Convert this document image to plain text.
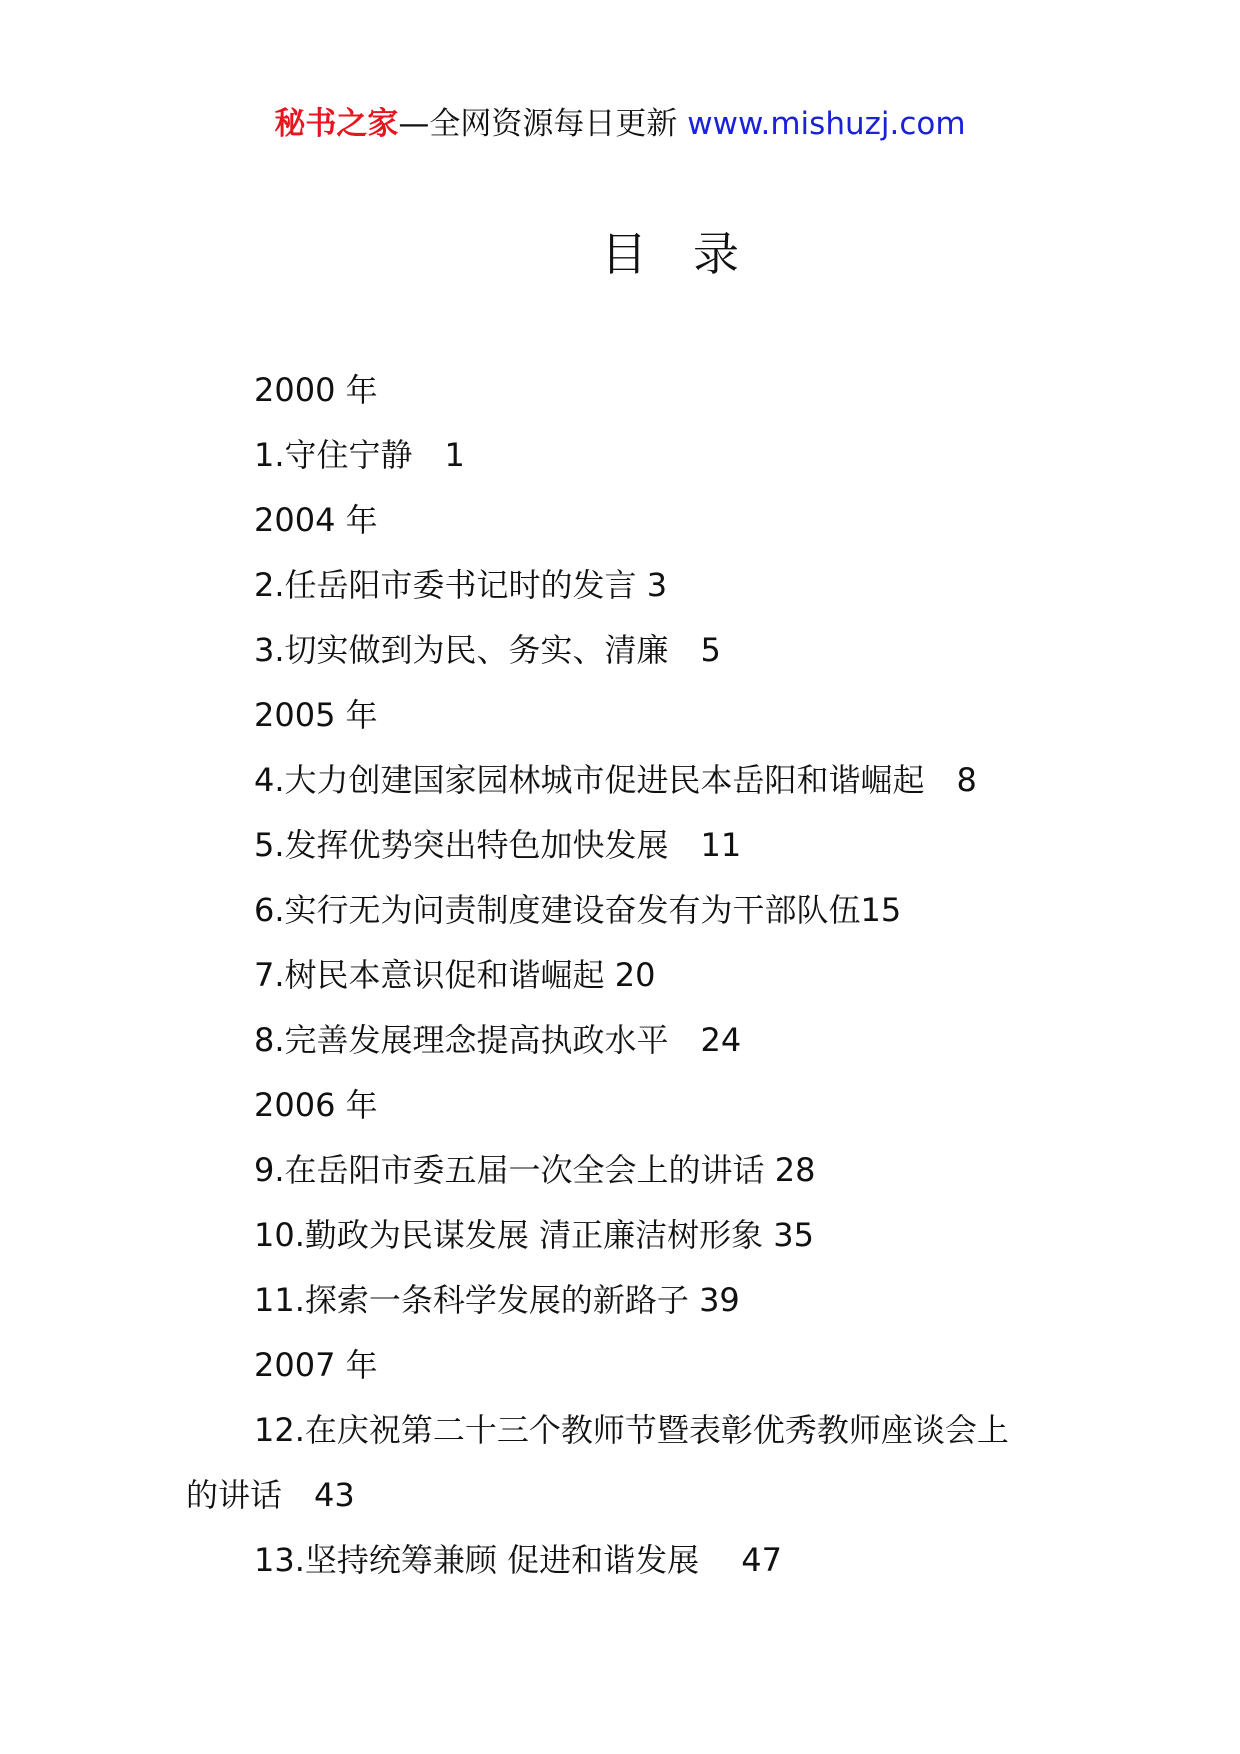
秘书之家—全网资源每日更新 www.mishuzj.com
目　录
2000 年
1.守住宁静　1
2004 年
2.任岳阳市委书记时的发言 3
3.切实做到为民、务实、清廉　5
2005 年
4.大力创建国家园林城市促进民本岳阳和谐崛起　8
5.发挥优势突出特色加快发展　11
6.实行无为问责制度建设奋发有为干部队伍15
7.树民本意识促和谐崛起 20
8.完善发展理念提高执政水平　24
2006 年
9.在岳阳市委五届一次全会上的讲话 28
10.勤政为民谋发展 清正廉洁树形象 35
11.探索一条科学发展的新路子 39
2007 年
12.在庆祝第二十三个教师节暨表彰优秀教师座谈会上
的讲话　43
13.坚持统筹兼顾 促进和谐发展　 47
